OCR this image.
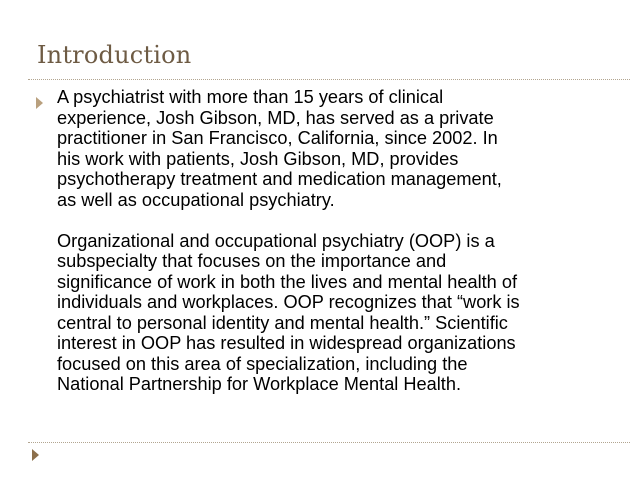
Introduction

A psychiatrist with more than 15 years of clinical
experience, Josh Gibson, MD, has served as a private
practitioner in San Francisco, California, since 2002. In
his work with patients, Josh Gibson, MD, provides
psychotherapy treatment and medication management,
as well as occupational psychiatry.

Organizational and occupational psychiatry (OOP) is a
subspecialty that focuses on the importance and
significance of work in both the lives and mental health of
individuals and workplaces. OOP recognizes that “work is
central to personal identity and mental health.” Scientific
interest in OOP has resulted in widespread organizations
focused on this area of specialization, including the
National Partnership for Workplace Mental Health.
